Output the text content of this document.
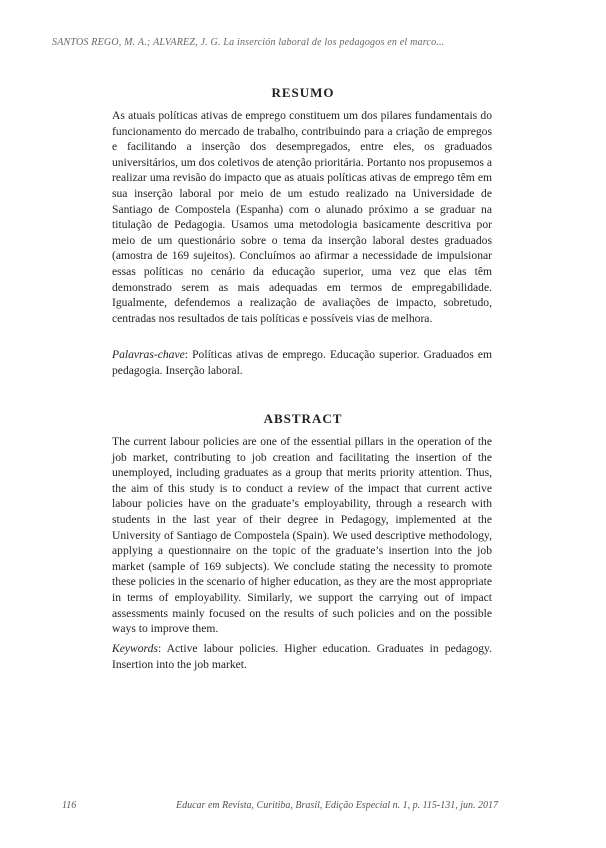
SANTOS REGO, M. A.; ÁLVAREZ, J. G. La inserción laboral de los pedagogos en el marco...
RESUMO
As atuais políticas ativas de emprego constituem um dos pilares fundamentais do funcionamento do mercado de trabalho, contribuindo para a criação de empregos e facilitando a inserção dos desempregados, entre eles, os graduados universitários, um dos coletivos de atenção prioritária. Portanto nos propusemos a realizar uma revisão do impacto que as atuais políticas ativas de emprego têm em sua inserção laboral por meio de um estudo realizado na Universidade de Santiago de Compostela (Espanha) com o alunado próximo a se graduar na titulação de Pedagogia. Usamos uma metodologia basicamente descritiva por meio de um questionário sobre o tema da inserção laboral destes graduados (amostra de 169 sujeitos). Concluímos ao afirmar a necessidade de impulsionar essas políticas no cenário da educação superior, uma vez que elas têm demonstrado serem as mais adequadas em termos de empregabilidade. Igualmente, defendemos a realização de avaliações de impacto, sobretudo, centradas nos resultados de tais políticas e possíveis vias de melhora.
Palavras-chave: Políticas ativas de emprego. Educação superior. Graduados em pedagogia. Inserção laboral.
ABSTRACT
The current labour policies are one of the essential pillars in the operation of the job market, contributing to job creation and facilitating the insertion of the unemployed, including graduates as a group that merits priority attention. Thus, the aim of this study is to conduct a review of the impact that current active labour policies have on the graduate’s employability, through a research with students in the last year of their degree in Pedagogy, implemented at the University of Santiago de Compostela (Spain). We used descriptive methodology, applying a questionnaire on the topic of the graduate’s insertion into the job market (sample of 169 subjects). We conclude stating the necessity to promote these policies in the scenario of higher education, as they are the most appropriate in terms of employability. Similarly, we support the carrying out of impact assessments mainly focused on the results of such policies and on the possible ways to improve them.
Keywords: Active labour policies. Higher education. Graduates in pedagogy. Insertion into the job market.
116	Educar em Revista, Curitiba, Brasil, Edição Especial n. 1, p. 115-131, jun. 2017
